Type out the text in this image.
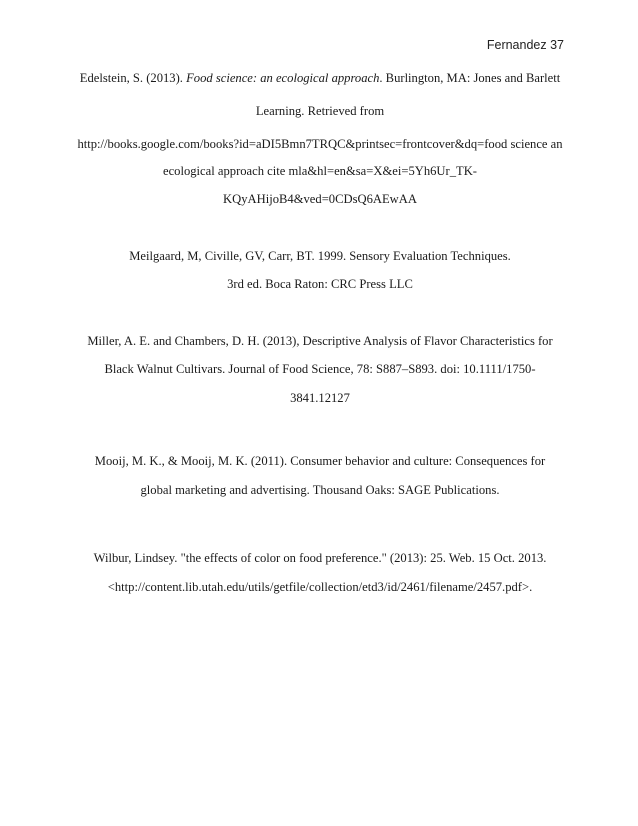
Fernandez 37
Edelstein, S. (2013). Food science: an ecological approach. Burlington, MA: Jones and Barlett
Learning. Retrieved from
http://books.google.com/books?id=aDI5Bmn7TRQC&printsec=frontcover&dq=food science an
ecological approach cite mla&hl=en&sa=X&ei=5Yh6Ur_TK-
KQyAHijoB4&ved=0CDsQ6AEwAA
Meilgaard, M, Civille, GV, Carr, BT. 1999. Sensory Evaluation Techniques.
3rd ed. Boca Raton: CRC Press LLC
Miller, A. E. and Chambers, D. H. (2013), Descriptive Analysis of Flavor Characteristics for
Black Walnut Cultivars. Journal of Food Science, 78: S887–S893. doi: 10.1111/1750-
3841.12127
Mooij, M. K., & Mooij, M. K. (2011). Consumer behavior and culture: Consequences for
global marketing and advertising. Thousand Oaks: SAGE Publications.
Wilbur, Lindsey. "the effects of color on food preference." (2013): 25. Web. 15 Oct. 2013.
<http://content.lib.utah.edu/utils/getfile/collection/etd3/id/2461/filename/2457.pdf>.
